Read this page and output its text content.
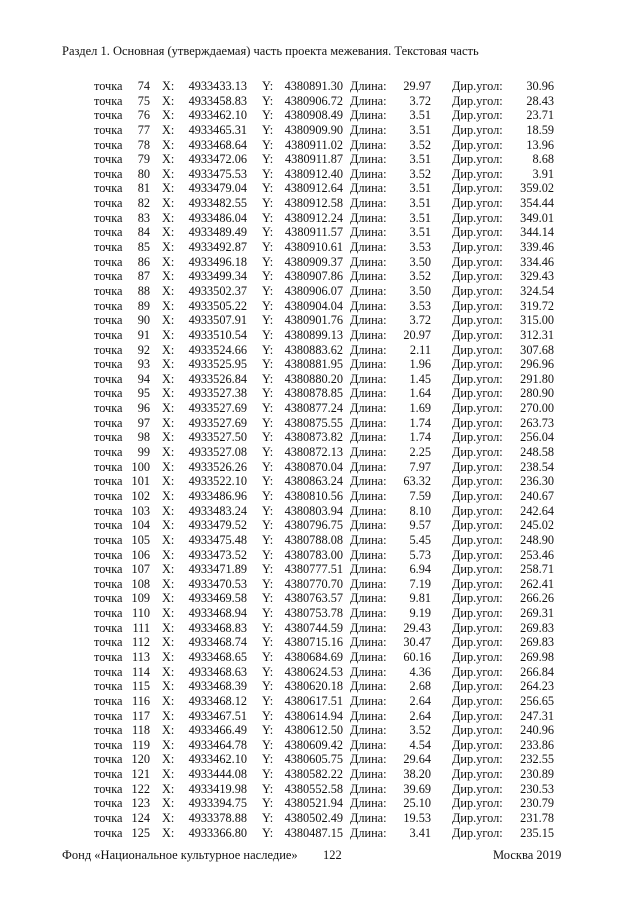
Раздел 1. Основная (утверждаемая) часть проекта межевания. Текстовая часть
точка	74 X:	4933433.13 Y: 4380891.30 Длина:	29.97 Дир.угол:	30.96
точка	75 X:	4933458.83 Y: 4380906.72 Длина:	3.72 Дир.угол:	28.43
точка	76 X:	4933462.10 Y: 4380908.49 Длина:	3.51 Дир.угол:	23.71
точка	77 X:	4933465.31 Y: 4380909.90 Длина:	3.51 Дир.угол:	18.59
точка	78 X:	4933468.64 Y: 4380911.02 Длина:	3.52 Дир.угол:	13.96
точка	79 X:	4933472.06 Y: 4380911.87 Длина:	3.51 Дир.угол:	8.68
точка	80 X:	4933475.53 Y: 4380912.40 Длина:	3.52 Дир.угол:	3.91
точка	81 X:	4933479.04 Y: 4380912.64 Длина:	3.51 Дир.угол:	359.02
точка	82 X:	4933482.55 Y: 4380912.58 Длина:	3.51 Дир.угол:	354.44
точка	83 X:	4933486.04 Y: 4380912.24 Длина:	3.51 Дир.угол:	349.01
точка	84 X:	4933489.49 Y: 4380911.57 Длина:	3.51 Дир.угол:	344.14
точка	85 X:	4933492.87 Y: 4380910.61 Длина:	3.53 Дир.угол:	339.46
точка	86 X:	4933496.18 Y: 4380909.37 Длина:	3.50 Дир.угол:	334.46
точка	87 X:	4933499.34 Y: 4380907.86 Длина:	3.52 Дир.угол:	329.43
точка	88 X:	4933502.37 Y: 4380906.07 Длина:	3.50 Дир.угол:	324.54
точка	89 X:	4933505.22 Y: 4380904.04 Длина:	3.53 Дир.угол:	319.72
точка	90 X:	4933507.91 Y: 4380901.76 Длина:	3.72 Дир.угол:	315.00
точка	91 X:	4933510.54 Y: 4380899.13 Длина:	20.97 Дир.угол:	312.31
точка	92 X:	4933524.66 Y: 4380883.62 Длина:	2.11 Дир.угол:	307.68
точка	93 X:	4933525.95 Y: 4380881.95 Длина:	1.96 Дир.угол:	296.96
точка	94 X:	4933526.84 Y: 4380880.20 Длина:	1.45 Дир.угол:	291.80
точка	95 X:	4933527.38 Y: 4380878.85 Длина:	1.64 Дир.угол:	280.90
точка	96 X:	4933527.69 Y: 4380877.24 Длина:	1.69 Дир.угол:	270.00
точка	97 X:	4933527.69 Y: 4380875.55 Длина:	1.74 Дир.угол:	263.73
точка	98 X:	4933527.50 Y: 4380873.82 Длина:	1.74 Дир.угол:	256.04
точка	99 X:	4933527.08 Y: 4380872.13 Длина:	2.25 Дир.угол:	248.58
точка 100 X:	4933526.26 Y: 4380870.04 Длина:	7.97 Дир.угол:	238.54
точка 101 X:	4933522.10 Y: 4380863.24 Длина:	63.32 Дир.угол:	236.30
точка 102 X:	4933486.96 Y: 4380810.56 Длина:	7.59 Дир.угол:	240.67
точка 103 X:	4933483.24 Y: 4380803.94 Длина:	8.10 Дир.угол:	242.64
точка 104 X:	4933479.52 Y: 4380796.75 Длина:	9.57 Дир.угол:	245.02
точка 105 X:	4933475.48 Y: 4380788.08 Длина:	5.45 Дир.угол:	248.90
точка 106 X:	4933473.52 Y: 4380783.00 Длина:	5.73 Дир.угол:	253.46
точка 107 X:	4933471.89 Y: 4380777.51 Длина:	6.94 Дир.угол:	258.71
точка 108 X:	4933470.53 Y: 4380770.70 Длина:	7.19 Дир.угол:	262.41
точка 109 X:	4933469.58 Y: 4380763.57 Длина:	9.81 Дир.угол:	266.26
точка 110 X:	4933468.94 Y: 4380753.78 Длина:	9.19 Дир.угол:	269.31
точка 111 X:	4933468.83 Y: 4380744.59 Длина:	29.43 Дир.угол:	269.83
точка 112 X:	4933468.74 Y: 4380715.16 Длина:	30.47 Дир.угол:	269.83
точка 113 X:	4933468.65 Y: 4380684.69 Длина:	60.16 Дир.угол:	269.98
точка 114 X:	4933468.63 Y: 4380624.53 Длина:	4.36 Дир.угол:	266.84
точка 115 X:	4933468.39 Y: 4380620.18 Длина:	2.68 Дир.угол:	264.23
точка 116 X:	4933468.12 Y: 4380617.51 Длина:	2.64 Дир.угол:	256.65
точка 117 X:	4933467.51 Y: 4380614.94 Длина:	2.64 Дир.угол:	247.31
точка 118 X:	4933466.49 Y: 4380612.50 Длина:	3.52 Дир.угол:	240.96
точка 119 X:	4933464.78 Y: 4380609.42 Длина:	4.54 Дир.угол:	233.86
точка 120 X:	4933462.10 Y: 4380605.75 Длина:	29.64 Дир.угол:	232.55
точка 121 X:	4933444.08 Y: 4380582.22 Длина:	38.20 Дир.угол:	230.89
точка 122 X:	4933419.98 Y: 4380552.58 Длина:	39.69 Дир.угол:	230.53
точка 123 X:	4933394.75 Y: 4380521.94 Длина:	25.10 Дир.угол:	230.79
точка 124 X:	4933378.88 Y: 4380502.49 Длина:	19.53 Дир.угол:	231.78
точка 125 X:	4933366.80 Y: 4380487.15 Длина:	3.41 Дир.угол:	235.15
Фонд «Национальное культурное наследие» 122	Москва 2019
